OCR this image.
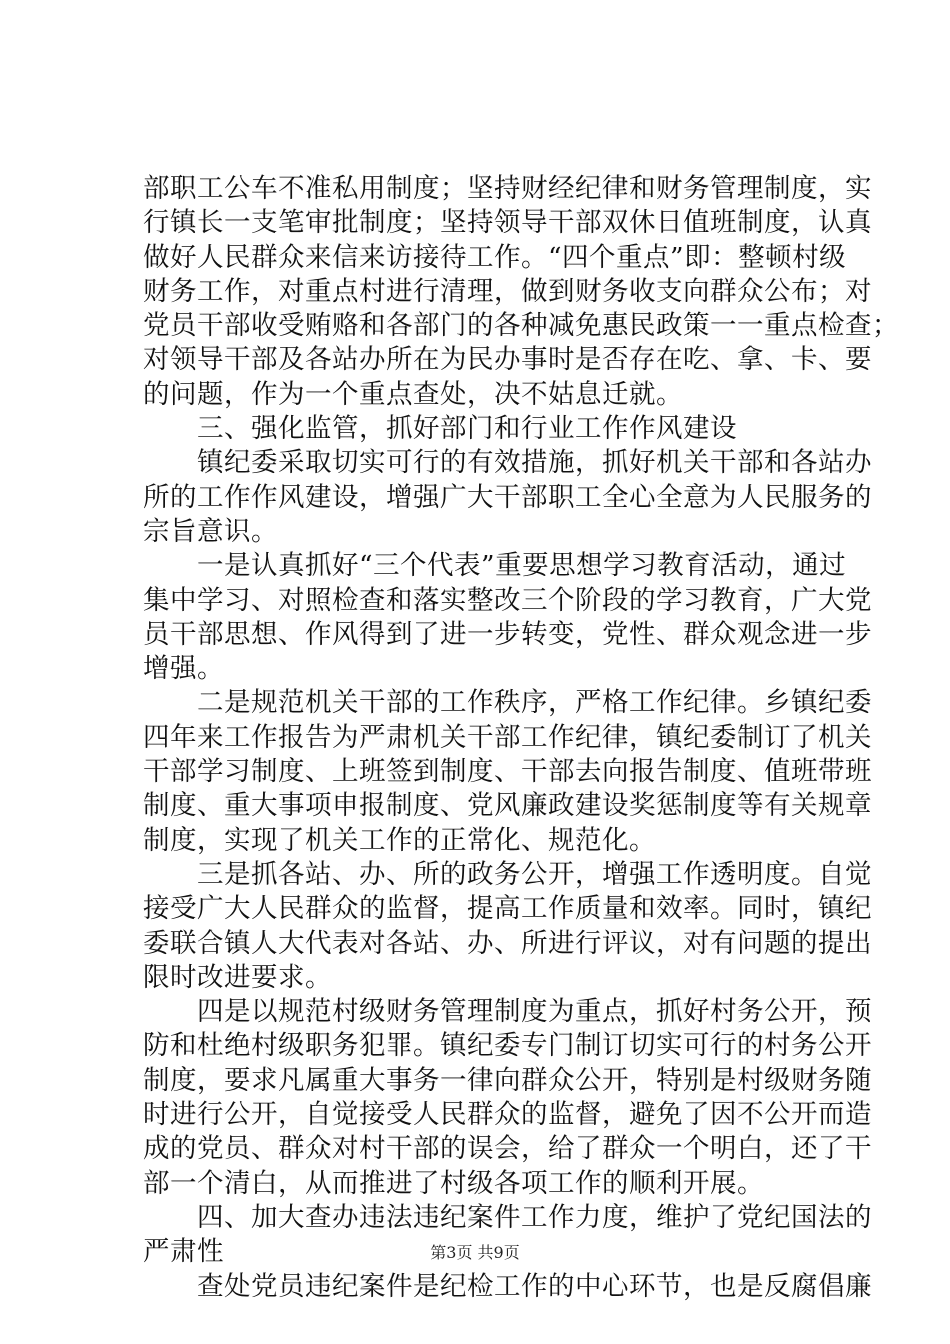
部职工公车不准私用制度；坚持财经纪律和财务管理制度，实
行镇长一支笔审批制度；坚持领导干部双休日值班制度，认真
做好人民群众来信来访接待工作。“四个重点”即：整顿村级
财务工作，对重点村进行清理，做到财务收支向群众公布；对
党员干部收受贿赂和各部门的各种减免惠民政策一一重点检查；
对领导干部及各站办所在为民办事时是否存在吃、拿、卡、要
的问题，作为一个重点查处，决不姑息迁就。
　　三、强化监管，抓好部门和行业工作作风建设
　　镇纪委采取切实可行的有效措施，抓好机关干部和各站办
所的工作作风建设，增强广大干部职工全心全意为人民服务的
宗旨意识。
　　一是认真抓好“三个代表”重要思想学习教育活动，通过
集中学习、对照检查和落实整改三个阶段的学习教育，广大党
员干部思想、作风得到了进一步转变，党性、群众观念进一步
增强。
　　二是规范机关干部的工作秩序，严格工作纪律。乡镇纪委
四年来工作报告为严肃机关干部工作纪律，镇纪委制订了机关
干部学习制度、上班签到制度、干部去向报告制度、值班带班
制度、重大事项申报制度、党风廉政建设奖惩制度等有关规章
制度，实现了机关工作的正常化、规范化。
　　三是抓各站、办、所的政务公开，增强工作透明度。自觉
接受广大人民群众的监督，提高工作质量和效率。同时，镇纪
委联合镇人大代表对各站、办、所进行评议，对有问题的提出
限时改进要求。
　　四是以规范村级财务管理制度为重点，抓好村务公开，预
防和杜绝村级职务犯罪。镇纪委专门制订切实可行的村务公开
制度，要求凡属重大事务一律向群众公开，特别是村级财务随
时进行公开，自觉接受人民群众的监督，避免了因不公开而造
成的党员、群众对村干部的误会，给了群众一个明白，还了干
部一个清白，从而推进了村级各项工作的顺利开展。
　　四、加大查办违法违纪案件工作力度，维护了党纪国法的
严肃性
　　查处党员违纪案件是纪检工作的中心环节，也是反腐倡廉
第3页 共9页
